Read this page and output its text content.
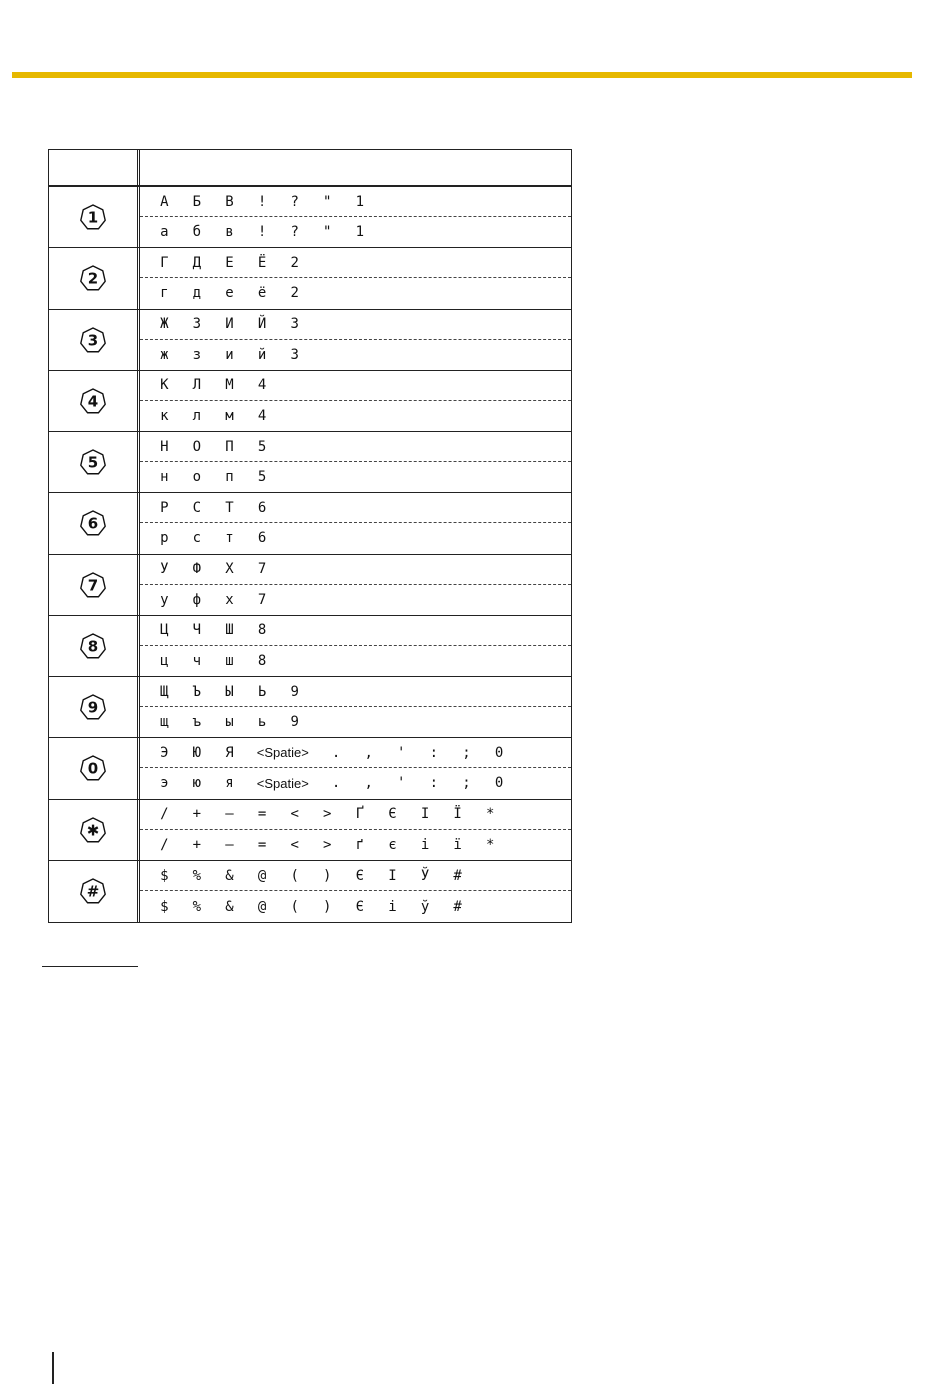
1
А	Б	В	!	?	"	1
а	б	в	!	?	"	1
2
Г	Д	Е	Ё	2
г	д	е	ё	2
3
Ж	З	И	Й	3
ж	з	и	й	3
4
К	Л	М	4
к	л	м	4
5
Н	О	П	5
н	о	п	5
6
Р	С	Т	6
р	с	т	6
7
У	Ф	Х	7
у	ф	х	7
8
Ц	Ч	Ш	8
ц	ч	ш	8
9
Щ	Ъ	Ы	Ь	9
щ	ъ	ы	ь	9
0
Э	Ю	Я	<Spatie>	.	,	'	:	;	0
э	ю	я	<Spatie>	.	,	'	:	;	0
✱
/	+	–	=	<	>	Ґ	Є	І	Ї	*
/	+	–	=	<	>	ґ	є	і	ї	*
#
$	%	&	@	(	)	Є	І	Ў	#
$	%	&	@	(	)	Є	і	ў	#
